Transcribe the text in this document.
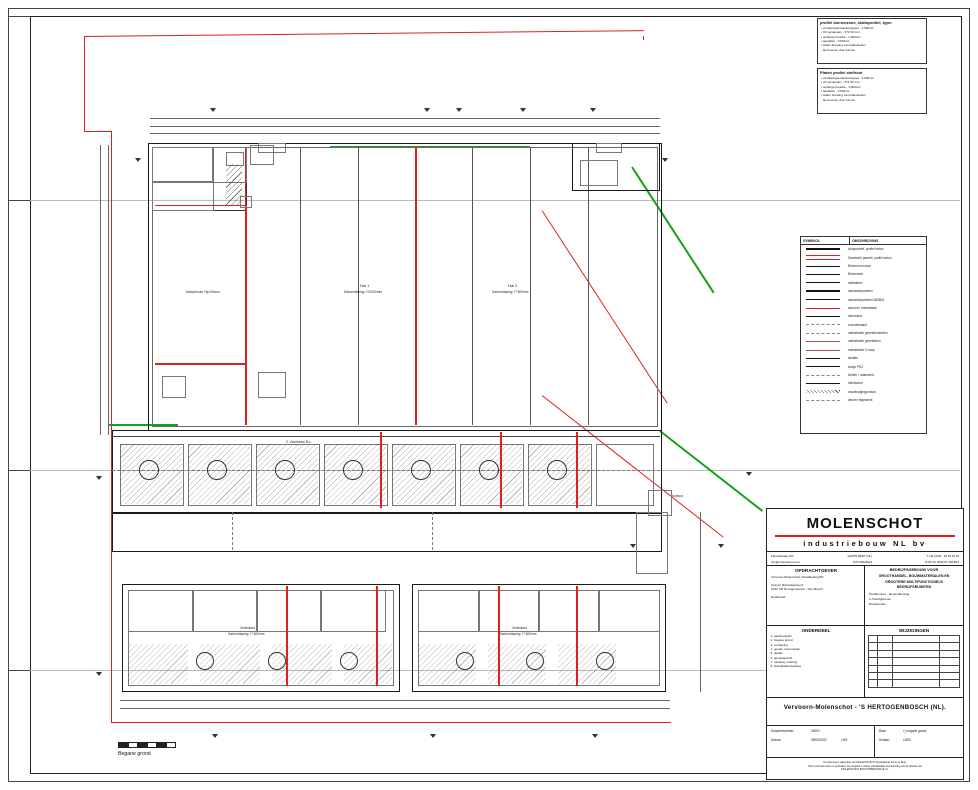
profiel binnenzone, stalinprofiel, type:
• verdiepingen/aanbouwgoot - 2.000mm
• UV opstanden - 571,50 mm
• onderige breedte - 1.000mm
• aantallen - 2700mm
• stalen bouwing van balansteden
- las bovenin vloer binnen
Platen profiel stelfront
• verdiepingen/aanbouwgoot - 2.000mm
• UV opstanden - 571,50 mm
• onderige breedte - 1.000mm
• aantallen - 2700mm
• stalen bouwing van balansteden
- las bovenin vloer binnen
Dakopbouw +5p100mm
Hal 1
Dakverdieping +10.000mm
Hal 2
Dakverdieping +7.500mm
V. Vloerbeton B.v.
Kantoor
Onderkant
Dakverdieping +7.500mm
Onderkant
Dakverdieping +7.500mm
SYMBOOL	OMSCHRIJVING
Aotopaneel, profiel beton
Sandwich paneel, profiel beton
Betonnen kolom
Betonwerk
stalbalken
sandwichpanelen
sandwichpanelen WDB01
wand en metselwerk
deurwand
vuurwerwand
metselwerk gevelelementen
metselwerk gevelbeton
metselwerk V-soep
isolatie
kozijn PEZ
lichten / raamwerk
beletwand
vouwbuigingschans
deuren tegelwerk
MOLENSCHOT
industriebouw NL bv
Fabriekstraat 192	NAI/PN BEDT (NL)	T +31 (0)36 - 18 59 26 20
info@molenschot.com	KVK 66628421	BTW NL 0632.87.384.B01
OPDRACHTGEVER
Vervoorn-Molenschot Ontwikkeling BV
Graven Rijnstraatweg 5
5222 CB Hertogenbosch - Den Bosch
Nederland
BEDRIJFSGEBOUW VOOR
GROOTHANDEL, BOUWMATERIALEN EN
GROOTERE MULTIFUNCTIONELE
BEDRIJFSRUIMTEN
Hoofdentree - Renovdbouwig
1.Hoofdgebouw
Bouwlocatie
ONDERDEEL
1. aanbouwplan
2. begane grond
3. verdieping
4. gevels, doorsneden
5. details
6. gevelaanzicht
7. funderig, riolering
8. brandplattenwerking
WIJZIGINGEN

Vervoorn-Molenschot - 'S HERTOGENBOSCH (NL).
Dossiernummer:	24001
Datum:	09/05/2022	LHG
Blad:	2_begane grond
Schaal:	1/200
De tekening is eigendom van MOLENSCHOT Industriebouw NL bv te Best.
Het is verboden deze te gebruiken of te kopiëren zonder uitdrukkelijke toestemming van de directie van
MOLENSCHOT INDUSTRIEBOUW NL bv.
Begane grond
